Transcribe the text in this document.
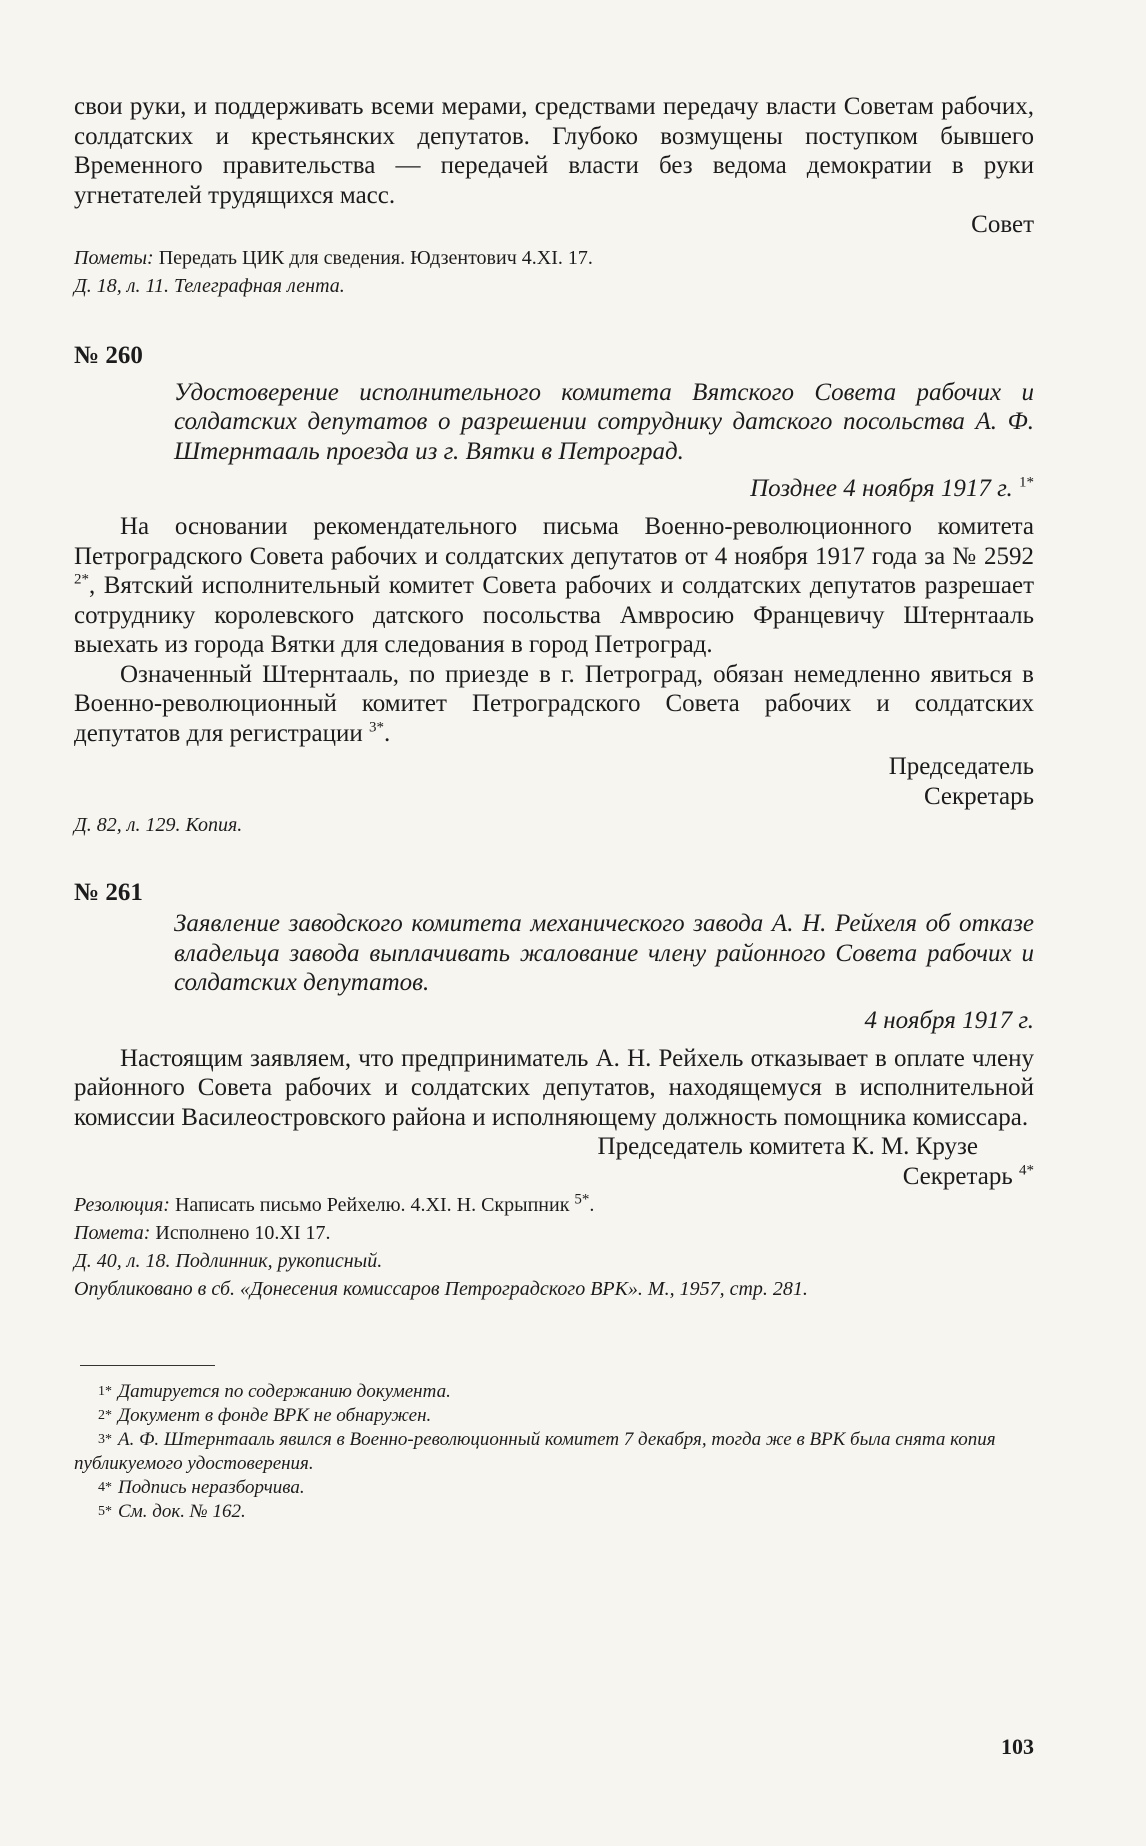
свои руки, и поддерживать всеми мерами, средствами передачу власти Советам рабочих, солдатских и крестьянских депутатов. Глубоко возмущены поступком бывшего Временного правительства — передачей власти без ведома демократии в руки угнетателей трудящихся масс.

Совет

Пометы: Передать ЦИК для сведения. Юдзентович 4.XI. 17.

Д. 18, л. 11. Телеграфная лента.

№ 260

Удостоверение исполнительного комитета Вятского Совета рабочих и солдатских депутатов о разрешении сотруднику датского посольства А. Ф. Штернтааль проезда из г. Вятки в Петроград.

Позднее 4 ноября 1917 г. $^{1*}$

На основании рекомендательного письма Военно-революционного комитета Петроградского Совета рабочих и солдатских депутатов от 4 ноября 1917 года за № 2592 $^{2*}$, Вятский исполнительный комитет Совета рабочих и солдатских депутатов разрешает сотруднику королевского датского посольства Амвросию Францевичу Штернтааль выехать из города Вятки для следования в город Петроград.

Означенный Штернтааль, по приезде в г. Петроград, обязан немедленно явиться в Военно-революционный комитет Петроградского Совета рабочих и солдатских депутатов для регистрации $^{3*}$.

Председатель

Секретарь

Д. 82, л. 129. Копия.

№ 261

Заявление заводского комитета механического завода А. Н. Рейхеля об отказе владельца завода выплачивать жалование члену районного Совета рабочих и солдатских депутатов.

4 ноября 1917 г.

Настоящим заявляем, что предприниматель А. Н. Рейхель отказывает в оплате члену районного Совета рабочих и солдатских депутатов, находящемуся в исполнительной комиссии Василеостровского района и исполняющему должность помощника комиссара.

Председатель комитета К. М. Крузе

Секретарь $^{4*}$

Резолюция: Написать письмо Рейхелю. 4.XI. Н. Скрыпник $^{5*}$.

Помета: Исполнено 10.XI 17.

Д. 40, л. 18. Подлинник, рукописный.

Опубликовано в сб. «Донесения комиссаров Петроградского ВРК». М., 1957, стр. 281.

1* Датируется по содержанию документа.

2* Документ в фонде ВРК не обнаружен.

3* А. Ф. Штернтааль явился в Военно-революционный комитет 7 декабря, тогда же в ВРК была снята копия публикуемого удостоверения.

4* Подпись неразборчива.

5* См. док. № 162.

103
